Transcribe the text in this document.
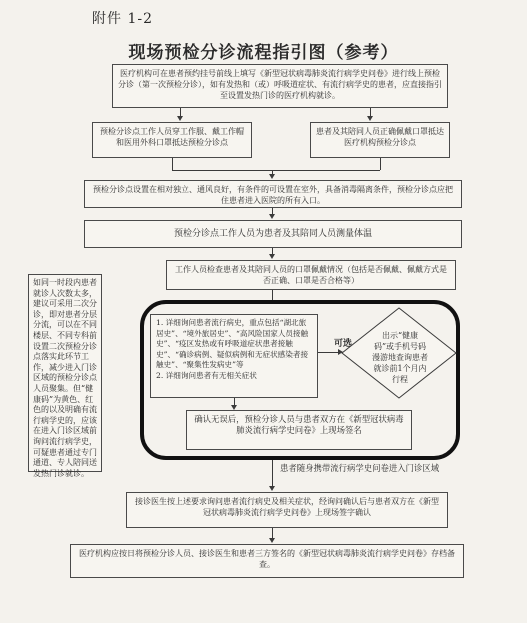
附件 1-2
现场预检分诊流程指引图（参考）
医疗机构可在患者预约挂号前线上填写《新型冠状病毒肺炎流行病学史问卷》进行线上预检分诊（第一次预检分诊），如有发热和（或）呼吸道症状、有流行病学史的患者，应直接指引至设置发热门诊的医疗机构就诊。
预检分诊点工作人员穿工作服、戴工作帽和医用外科口罩抵达预检分诊点
患者及其陪同人员正确佩戴口罩抵达医疗机构预检分诊点
预检分诊点设置在相对独立、通风良好，有条件的可设置在室外，具备消毒隔离条件，预检分诊点应把住患者进入医院的所有入口。
预检分诊点工作人员为患者及其陪同人员测量体温
工作人员检查患者及其陪同人员的口罩佩戴情况（包括是否佩戴、佩戴方式是否正确、口罩是否合格等）
如同一时段内患者就诊人次数太多，建议可采用二次分诊，即对患者分层分流，可以在不同楼层、不同专科前设置二次预检分诊点落实此环节工作，减少进入门诊区域的预检分诊点人员聚集。但“健康码”为黄色、红色的以及明确有流行病学史的，应该在进入门诊区域前询问流行病学史，可疑患者通过专门通道、专人陪同送发热门诊就诊。
1. 详细询问患者流行病史，重点包括“湖北旅居史”、“境外旅居史”、“高风险国家人员接触史”、“疫区发热或有呼吸道症状患者接触史”、“确诊病例、疑似病例和无症状感染者接触史”、“聚集性发病史”等
2. 详细询问患者有无相关症状
可选
出示“健康码”或手机号码漫游地查询患者就诊前1个月内行程
确认无误后，预检分诊人员与患者双方在《新型冠状病毒肺炎流行病学史问卷》上现场签名
患者随身携带流行病学史问卷进入门诊区域
接诊医生按上述要求询问患者流行病史及相关症状，经询问确认后与患者双方在《新型冠状病毒肺炎流行病学史问卷》上现场签字确认
医疗机构应按日将预检分诊人员、接诊医生和患者三方签名的《新型冠状病毒肺炎流行病学史问卷》存档备查。
